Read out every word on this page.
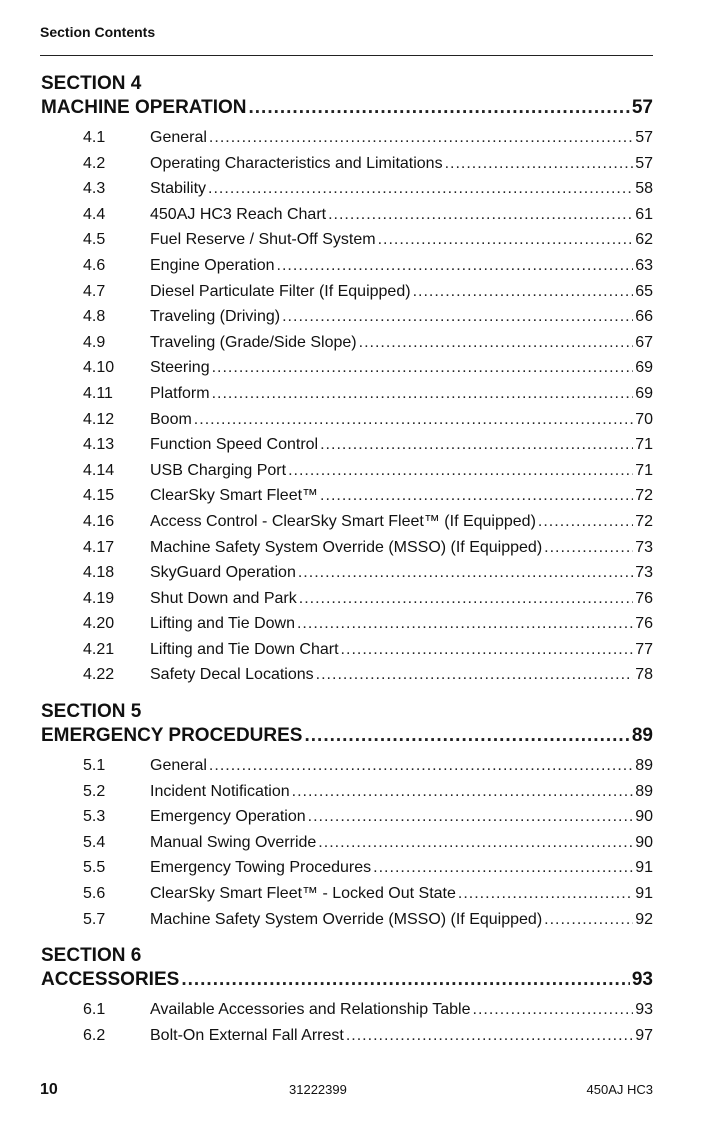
Section Contents
SECTION 4
MACHINE OPERATION .....	57
4.1	General .....	57
4.2	Operating Characteristics and Limitations .....	57
4.3	Stability .....	58
4.4	450AJ HC3 Reach Chart .....	61
4.5	Fuel Reserve / Shut-Off System .....	62
4.6	Engine Operation .....	63
4.7	Diesel Particulate Filter (If Equipped) .....	65
4.8	Traveling (Driving) .....	66
4.9	Traveling (Grade/Side Slope) .....	67
4.10	Steering .....	69
4.11	Platform .....	69
4.12	Boom .....	70
4.13	Function Speed Control .....	71
4.14	USB Charging Port .....	71
4.15	ClearSky Smart Fleet™ .....	72
4.16	Access Control - ClearSky Smart Fleet™ (If Equipped) .....	72
4.17	Machine Safety System Override (MSSO) (If Equipped) .....	73
4.18	SkyGuard Operation .....	73
4.19	Shut Down and Park .....	76
4.20	Lifting and Tie Down .....	76
4.21	Lifting and Tie Down Chart .....	77
4.22	Safety Decal Locations .....	78
SECTION 5
EMERGENCY PROCEDURES .....	89
5.1	General .....	89
5.2	Incident Notification .....	89
5.3	Emergency Operation .....	90
5.4	Manual Swing Override .....	90
5.5	Emergency Towing Procedures .....	91
5.6	ClearSky Smart Fleet™ - Locked Out State .....	91
5.7	Machine Safety System Override (MSSO) (If Equipped) .....	92
SECTION 6
ACCESSORIES .....	93
6.1	Available Accessories and Relationship Table .....	93
6.2	Bolt-On External Fall Arrest .....	97
10	31222399	450AJ HC3
